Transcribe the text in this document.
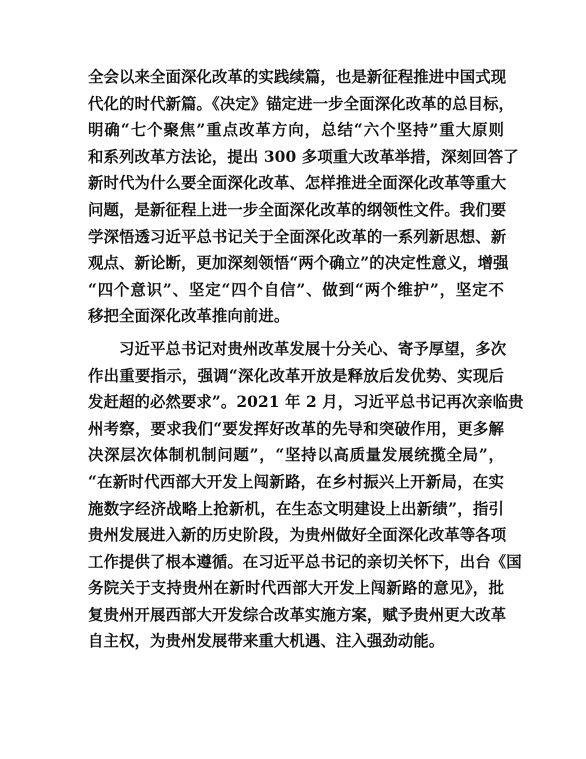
全会以来全面深化改革的实践续篇，也是新征程推进中国式现
代化的时代新篇。《决定》锚定进一步全面深化改革的总目标，
明确“七个聚焦”重点改革方向，总结“六个坚持”重大原则
和系列改革方法论，提出 300 多项重大改革举措，深刻回答了
新时代为什么要全面深化改革、怎样推进全面深化改革等重大
问题，是新征程上进一步全面深化改革的纲领性文件。我们要
学深悟透习近平总书记关于全面深化改革的一系列新思想、新
观点、新论断，更加深刻领悟“两个确立”的决定性意义，增强
“四个意识”、坚定“四个自信”、做到“两个维护”，坚定不
移把全面深化改革推向前进。
　　习近平总书记对贵州改革发展十分关心、寄予厚望，多次
作出重要指示，强调“深化改革开放是释放后发优势、实现后
发赶超的必然要求”。2021 年 2 月，习近平总书记再次亲临贵
州考察，要求我们“要发挥好改革的先导和突破作用，更多解
决深层次体制机制问题”，“坚持以高质量发展统揽全局”，
“在新时代西部大开发上闯新路，在乡村振兴上开新局，在实
施数字经济战略上抢新机，在生态文明建设上出新绩”，指引
贵州发展进入新的历史阶段，为贵州做好全面深化改革等各项
工作提供了根本遵循。在习近平总书记的亲切关怀下，出台《国
务院关于支持贵州在新时代西部大开发上闯新路的意见》，批
复贵州开展西部大开发综合改革实施方案，赋予贵州更大改革
自主权，为贵州发展带来重大机遇、注入强劲动能。
